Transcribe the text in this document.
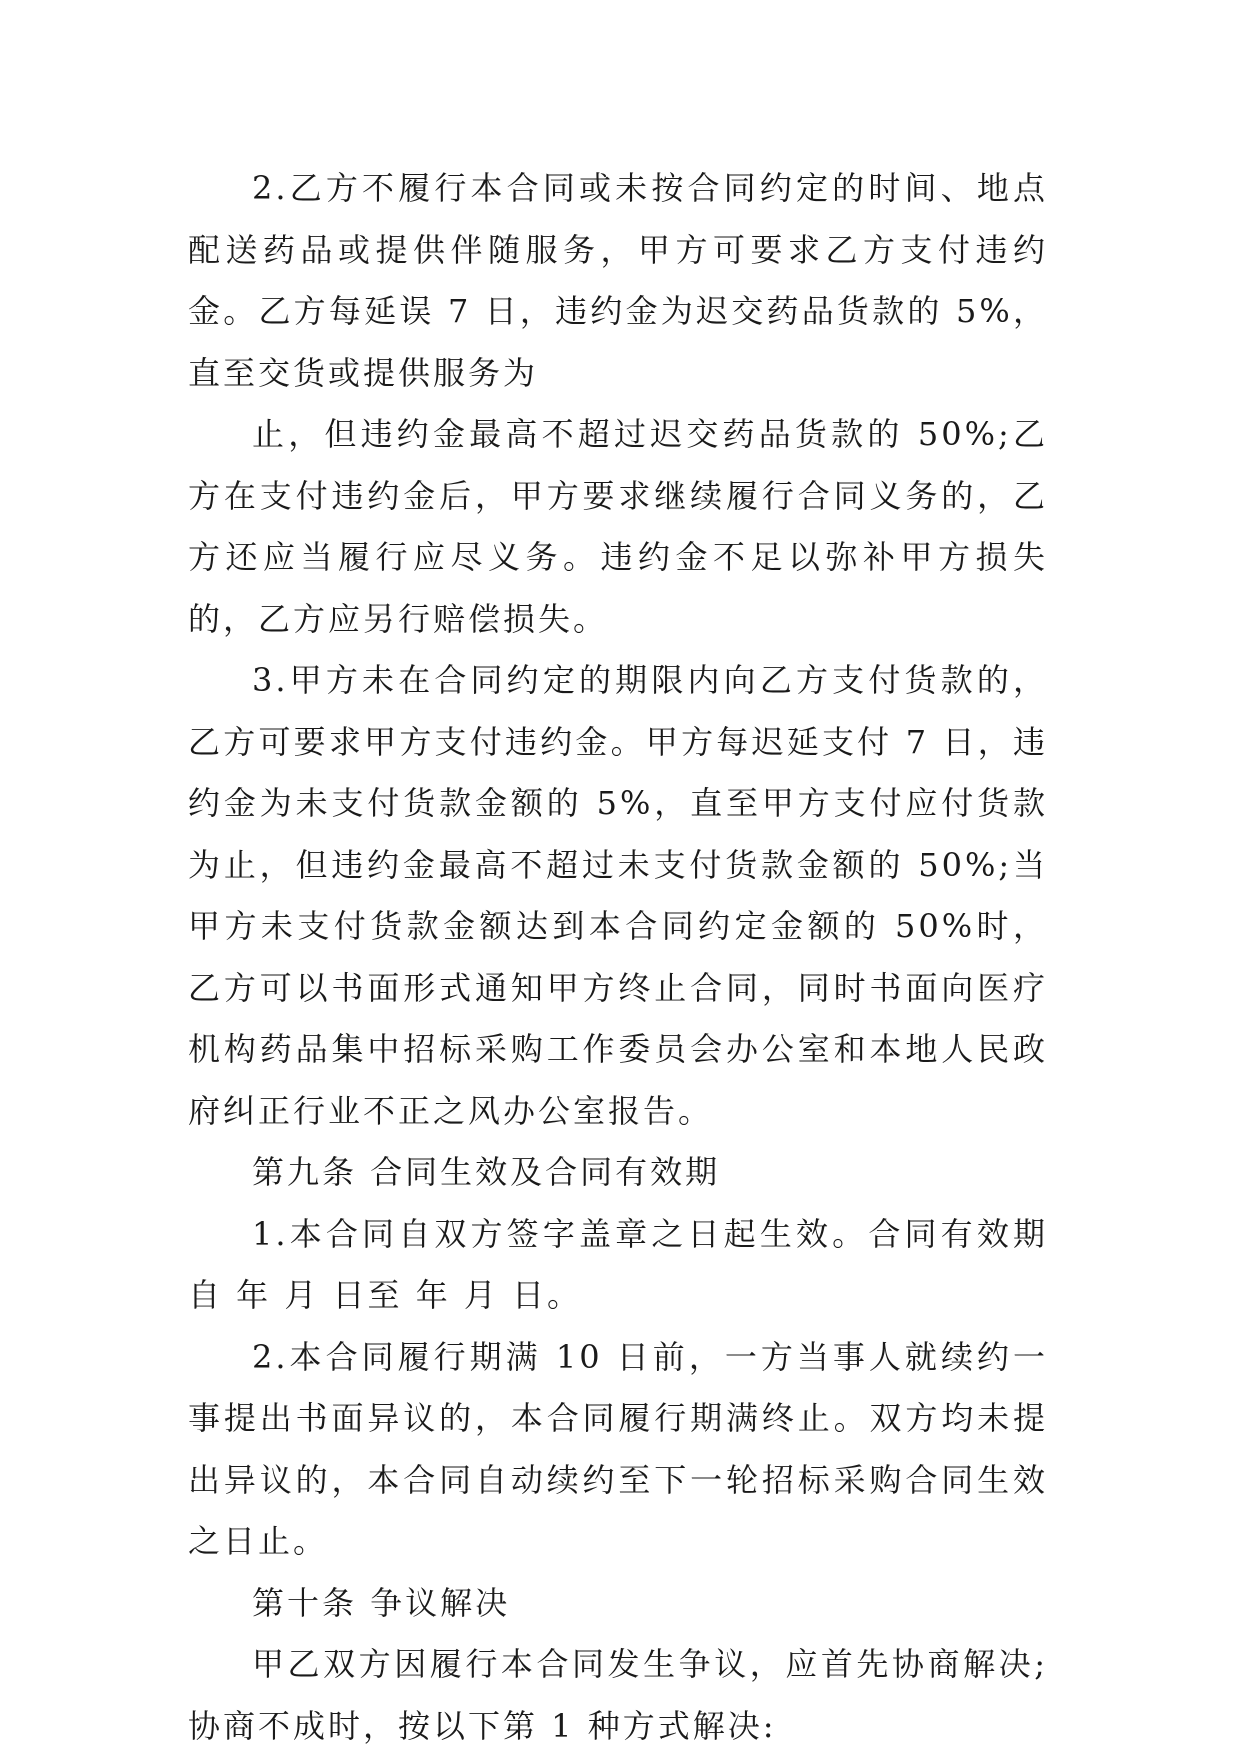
2.乙方不履行本合同或未按合同约定的时间、地点配送药品或提供伴随服务，甲方可要求乙方支付违约金。乙方每延误 7 日，违约金为迟交药品货款的 5%，直至交货或提供服务为

止，但违约金最高不超过迟交药品货款的 50%;乙方在支付违约金后，甲方要求继续履行合同义务的，乙方还应当履行应尽义务。违约金不足以弥补甲方损失的，乙方应另行赔偿损失。

3.甲方未在合同约定的期限内向乙方支付货款的，乙方可要求甲方支付违约金。甲方每迟延支付 7 日，违约金为未支付货款金额的 5%，直至甲方支付应付货款为止，但违约金最高不超过未支付货款金额的 50%;当甲方未支付货款金额达到本合同约定金额的 50%时，乙方可以书面形式通知甲方终止合同，同时书面向医疗机构药品集中招标采购工作委员会办公室和本地人民政府纠正行业不正之风办公室报告。

第九条 合同生效及合同有效期

1.本合同自双方签字盖章之日起生效。合同有效期自 年 月 日至 年 月 日。

2.本合同履行期满 10 日前，一方当事人就续约一事提出书面异议的，本合同履行期满终止。双方均未提出异议的，本合同自动续约至下一轮招标采购合同生效之日止。

第十条 争议解决

甲乙双方因履行本合同发生争议，应首先协商解决;协商不成时，按以下第 1 种方式解决:
